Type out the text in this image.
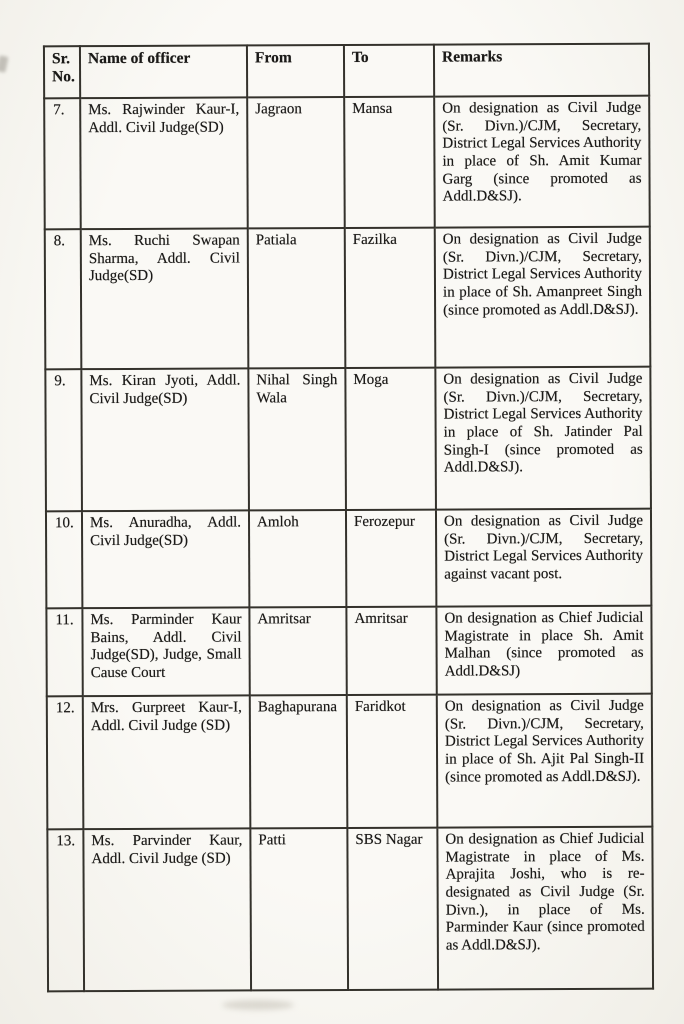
Sr. No.	Name of officer	From	To	Remarks
7.	Ms. Rajwinder Kaur-I, Addl. Civil Judge(SD)	Jagraon	Mansa	On designation as Civil Judge (Sr. Divn.)/CJM, Secretary, District Legal Services Authority in place of Sh. Amit Kumar Garg (since promoted as Addl.D&SJ).
8.	Ms. Ruchi Swapan Sharma, Addl. Civil Judge(SD)	Patiala	Fazilka	On designation as Civil Judge (Sr. Divn.)/CJM, Secretary, District Legal Services Authority in place of Sh. Amanpreet Singh (since promoted as Addl.D&SJ).
9.	Ms. Kiran Jyoti, Addl. Civil Judge(SD)	Nihal Singh Wala	Moga	On designation as Civil Judge (Sr. Divn.)/CJM, Secretary, District Legal Services Authority in place of Sh. Jatinder Pal Singh-I (since promoted as Addl.D&SJ).
10.	Ms. Anuradha, Addl. Civil Judge(SD)	Amloh	Ferozepur	On designation as Civil Judge (Sr. Divn.)/CJM, Secretary, District Legal Services Authority against vacant post.
11.	Ms. Parminder Kaur Bains, Addl. Civil Judge(SD), Judge, Small Cause Court	Amritsar	Amritsar	On designation as Chief Judicial Magistrate in place Sh. Amit Malhan (since promoted as Addl.D&SJ)
12.	Mrs. Gurpreet Kaur-I, Addl. Civil Judge (SD)	Baghapurana	Faridkot	On designation as Civil Judge (Sr. Divn.)/CJM, Secretary, District Legal Services Authority in place of Sh. Ajit Pal Singh-II (since promoted as Addl.D&SJ).
13.	Ms. Parvinder Kaur, Addl. Civil Judge (SD)	Patti	SBS Nagar	On designation as Chief Judicial Magistrate in place of Ms. Aprajita Joshi, who is re-designated as Civil Judge (Sr. Divn.), in place of Ms. Parminder Kaur (since promoted as Addl.D&SJ).
